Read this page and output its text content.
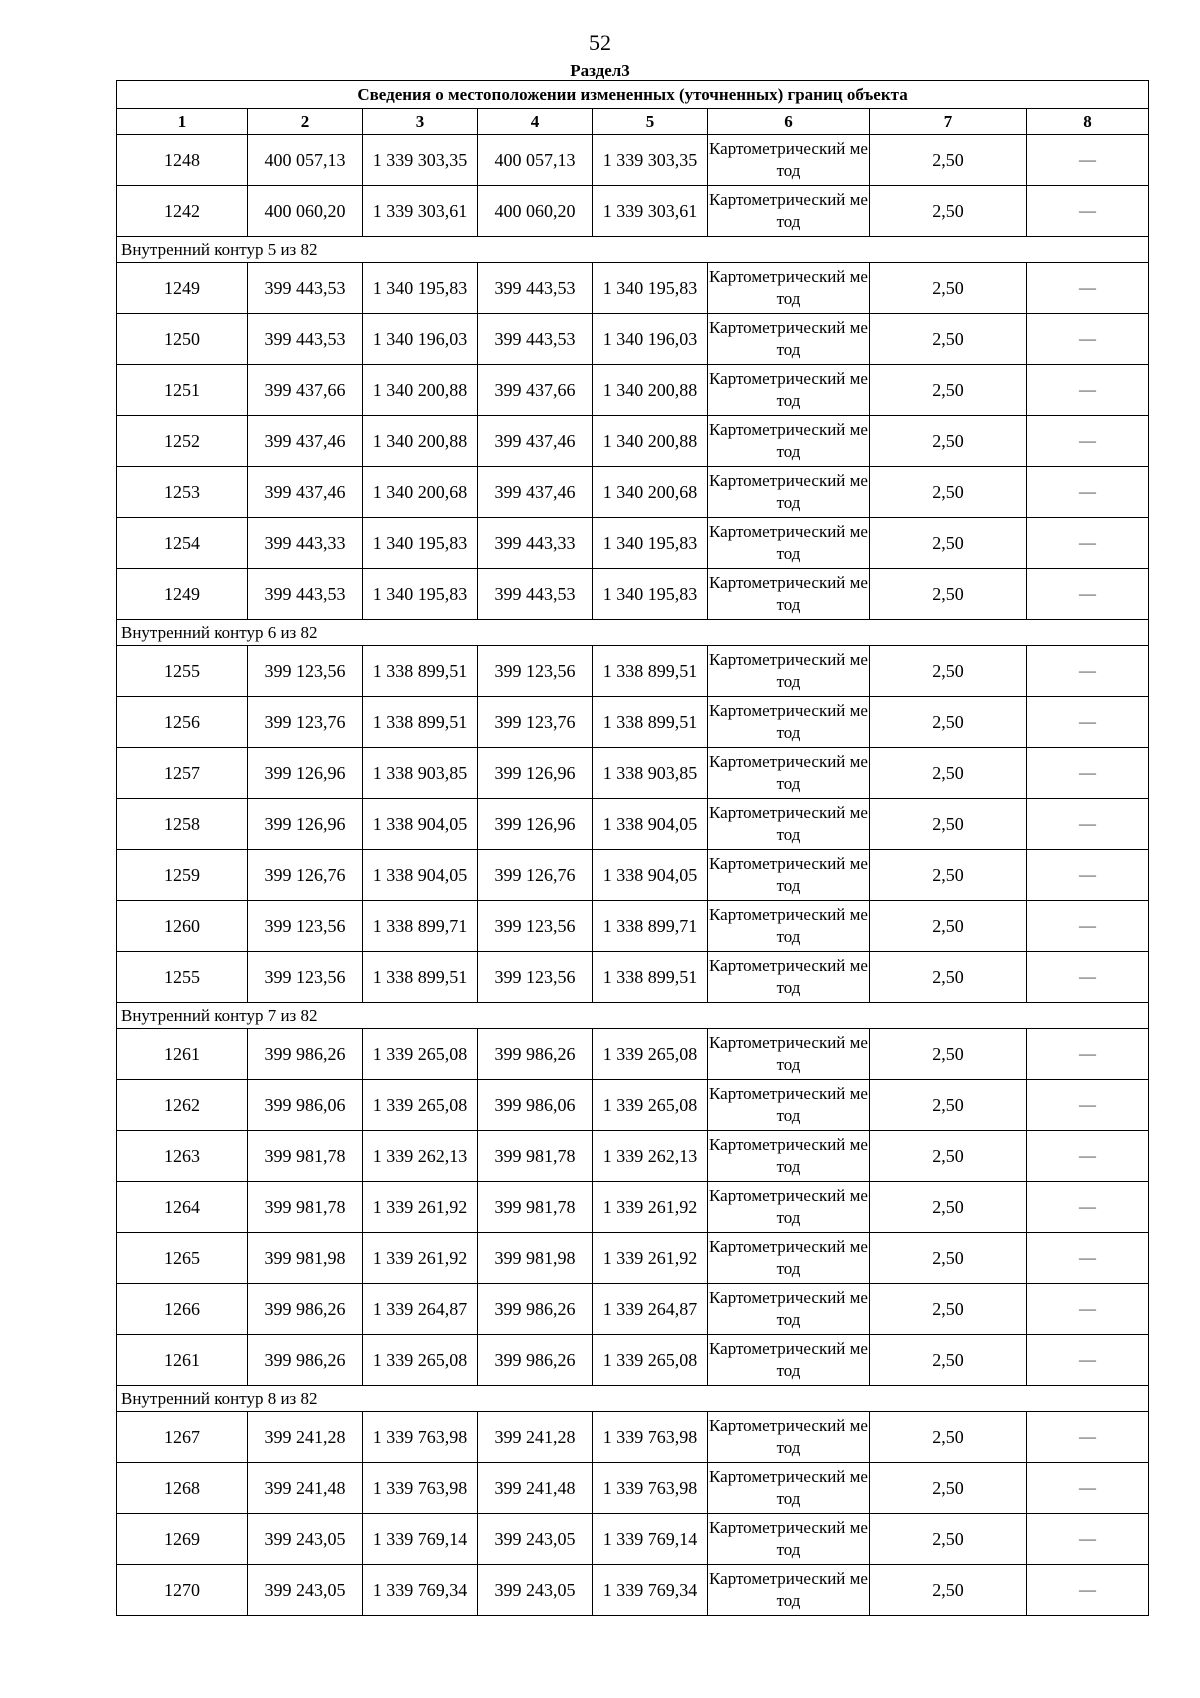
52
Раздел3
Сведения о местоположении измененных (уточненных) границ объекта							
1	2	3	4	5	6	7	8
1248	400 057,13	1 339 303,35	400 057,13	1 339 303,35	Картометрический метод	2,50	—
1242	400 060,20	1 339 303,61	400 060,20	1 339 303,61	Картометрический метод	2,50	—
Внутренний контур 5 из 82							
1249	399 443,53	1 340 195,83	399 443,53	1 340 195,83	Картометрический метод	2,50	—
1250	399 443,53	1 340 196,03	399 443,53	1 340 196,03	Картометрический метод	2,50	—
1251	399 437,66	1 340 200,88	399 437,66	1 340 200,88	Картометрический метод	2,50	—
1252	399 437,46	1 340 200,88	399 437,46	1 340 200,88	Картометрический метод	2,50	—
1253	399 437,46	1 340 200,68	399 437,46	1 340 200,68	Картометрический метод	2,50	—
1254	399 443,33	1 340 195,83	399 443,33	1 340 195,83	Картометрический метод	2,50	—
1249	399 443,53	1 340 195,83	399 443,53	1 340 195,83	Картометрический метод	2,50	—
Внутренний контур 6 из 82							
1255	399 123,56	1 338 899,51	399 123,56	1 338 899,51	Картометрический метод	2,50	—
1256	399 123,76	1 338 899,51	399 123,76	1 338 899,51	Картометрический метод	2,50	—
1257	399 126,96	1 338 903,85	399 126,96	1 338 903,85	Картометрический метод	2,50	—
1258	399 126,96	1 338 904,05	399 126,96	1 338 904,05	Картометрический метод	2,50	—
1259	399 126,76	1 338 904,05	399 126,76	1 338 904,05	Картометрический метод	2,50	—
1260	399 123,56	1 338 899,71	399 123,56	1 338 899,71	Картометрический метод	2,50	—
1255	399 123,56	1 338 899,51	399 123,56	1 338 899,51	Картометрический метод	2,50	—
Внутренний контур 7 из 82							
1261	399 986,26	1 339 265,08	399 986,26	1 339 265,08	Картометрический метод	2,50	—
1262	399 986,06	1 339 265,08	399 986,06	1 339 265,08	Картометрический метод	2,50	—
1263	399 981,78	1 339 262,13	399 981,78	1 339 262,13	Картометрический метод	2,50	—
1264	399 981,78	1 339 261,92	399 981,78	1 339 261,92	Картометрический метод	2,50	—
1265	399 981,98	1 339 261,92	399 981,98	1 339 261,92	Картометрический метод	2,50	—
1266	399 986,26	1 339 264,87	399 986,26	1 339 264,87	Картометрический метод	2,50	—
1261	399 986,26	1 339 265,08	399 986,26	1 339 265,08	Картометрический метод	2,50	—
Внутренний контур 8 из 82							
1267	399 241,28	1 339 763,98	399 241,28	1 339 763,98	Картометрический метод	2,50	—
1268	399 241,48	1 339 763,98	399 241,48	1 339 763,98	Картометрический метод	2,50	—
1269	399 243,05	1 339 769,14	399 243,05	1 339 769,14	Картометрический метод	2,50	—
1270	399 243,05	1 339 769,34	399 243,05	1 339 769,34	Картометрический метод	2,50	—
